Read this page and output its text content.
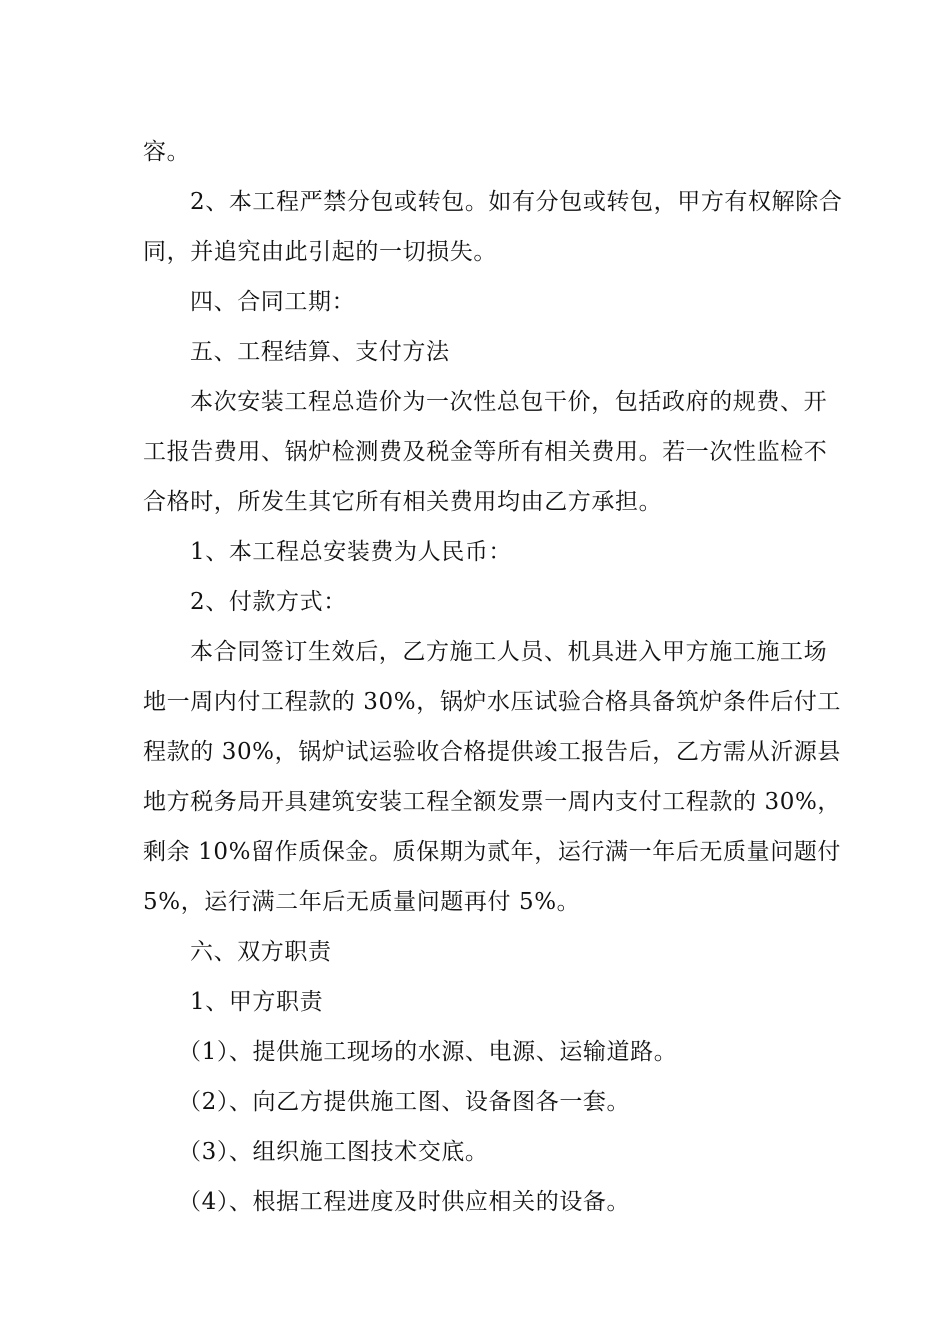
容。
2、本工程严禁分包或转包。如有分包或转包，甲方有权解除合
同，并追究由此引起的一切损失。
四、合同工期：
五、工程结算、支付方法
本次安装工程总造价为一次性总包干价，包括政府的规费、开
工报告费用、锅炉检测费及税金等所有相关费用。若一次性监检不
合格时，所发生其它所有相关费用均由乙方承担。
1、本工程总安装费为人民币：
2、付款方式：
本合同签订生效后，乙方施工人员、机具进入甲方施工施工场
地一周内付工程款的 30%，锅炉水压试验合格具备筑炉条件后付工
程款的 30%，锅炉试运验收合格提供竣工报告后，乙方需从沂源县
地方税务局开具建筑安装工程全额发票一周内支付工程款的 30%，
剩余 10%留作质保金。质保期为贰年，运行满一年后无质量问题付
5%，运行满二年后无质量问题再付 5%。
六、双方职责
1、甲方职责
（1）、提供施工现场的水源、电源、运输道路。
（2）、向乙方提供施工图、设备图各一套。
（3）、组织施工图技术交底。
（4）、根据工程进度及时供应相关的设备。
